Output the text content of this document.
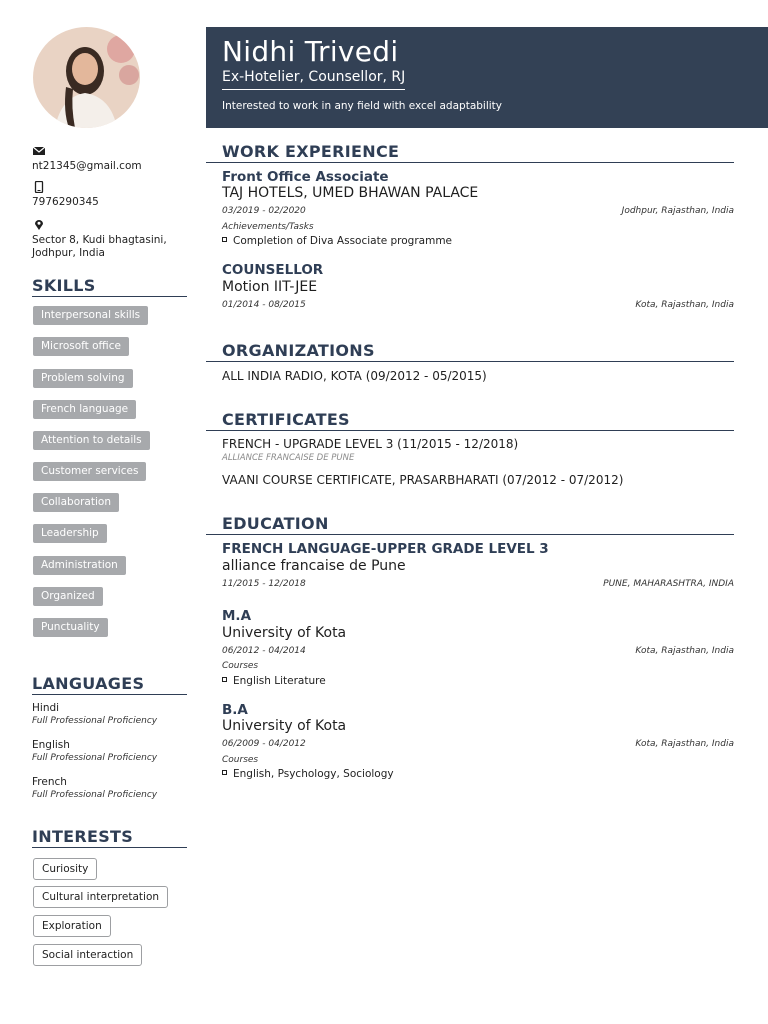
nt21345@gmail.com
7976290345
Sector 8, Kudi bhagtasini,
Jodhpur, India
SKILLS
Interpersonal skills
Microsoft office
Problem solving
French language
Attention to details
Customer services
Collaboration
Leadership
Administration
Organized
Punctuality
LANGUAGES
Hindi
Full Professional Proficiency
English
Full Professional Proficiency
French
Full Professional Proficiency
INTERESTS
Curiosity
Cultural interpretation
Exploration
Social interaction
Nidhi Trivedi
Ex-Hotelier, Counsellor, RJ
Interested to work in any field with excel adaptability
WORK EXPERIENCE
Front Office Associate
TAJ HOTELS, UMED BHAWAN PALACE
03/2019 - 02/2020	Jodhpur, Rajasthan, India
Achievements/Tasks
Completion of Diva Associate programme
COUNSELLOR
Motion IIT-JEE
01/2014 - 08/2015	Kota, Rajasthan, India
ORGANIZATIONS
ALL INDIA RADIO, KOTA (09/2012 - 05/2015)
CERTIFICATES
FRENCH - UPGRADE LEVEL 3 (11/2015 - 12/2018)
ALLIANCE FRANCAISE DE PUNE
VAANI COURSE CERTIFICATE, PRASARBHARATI (07/2012 - 07/2012)
EDUCATION
FRENCH LANGUAGE-UPPER GRADE LEVEL 3
alliance francaise de Pune
11/2015 - 12/2018	PUNE, MAHARASHTRA, INDIA
M.A
University of Kota
06/2012 - 04/2014	Kota, Rajasthan, India
Courses
English Literature
B.A
University of Kota
06/2009 - 04/2012	Kota, Rajasthan, India
Courses
English, Psychology, Sociology
